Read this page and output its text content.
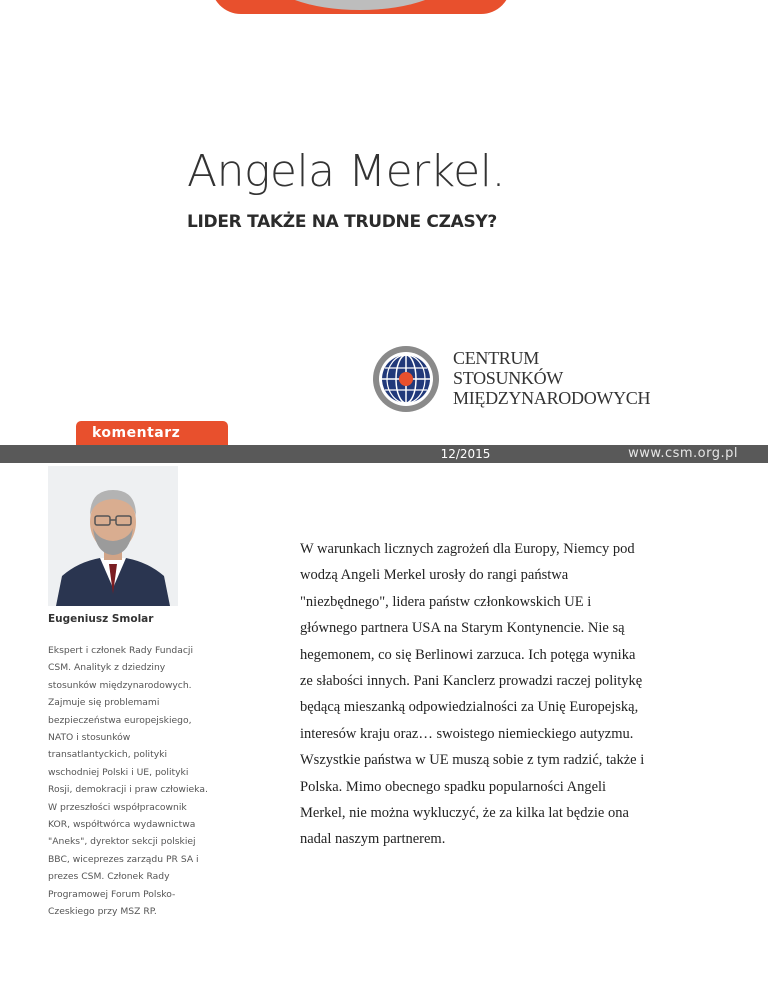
Angela Merkel.
LIDER TAKŻE NA TRUDNE CZASY?
CENTRUM
STOSUNKÓW
MIĘDZYNARODOWYCH
komentarz
12/2015	www.csm.org.pl
Eugeniusz Smolar

Ekspert i członek Rady Fundacji CSM. Analityk z dziedziny stosunków międzynarodowych. Zajmuje się problemami bezpieczeństwa europejskiego, NATO i stosunków transatlantyckich, polityki wschodniej Polski i UE, polityki Rosji, demokracji i praw człowieka. W przeszłości współpracownik KOR, współtwórca wydawnictwa "Aneks", dyrektor sekcji polskiej BBC, wiceprezes zarządu PR SA i prezes CSM. Członek Rady Programowej Forum Polsko-Czeskiego przy MSZ RP.

W warunkach licznych zagrożeń dla Europy, Niemcy pod wodzą Angeli Merkel urosły do rangi państwa "niezbędnego", lidera państw członkowskich UE i głównego partnera USA na Starym Kontynencie. Nie są hegemonem, co się Berlinowi zarzuca. Ich potęga wynika ze słabości innych. Pani Kanclerz prowadzi raczej politykę będącą mieszanką odpowiedzialności za Unię Europejską, interesów kraju oraz… swoistego niemieckiego autyzmu. Wszystkie państwa w UE muszą sobie z tym radzić, także i Polska. Mimo obecnego spadku popularności Angeli Merkel, nie można wykluczyć, że za kilka lat będzie ona nadal naszym partnerem.
